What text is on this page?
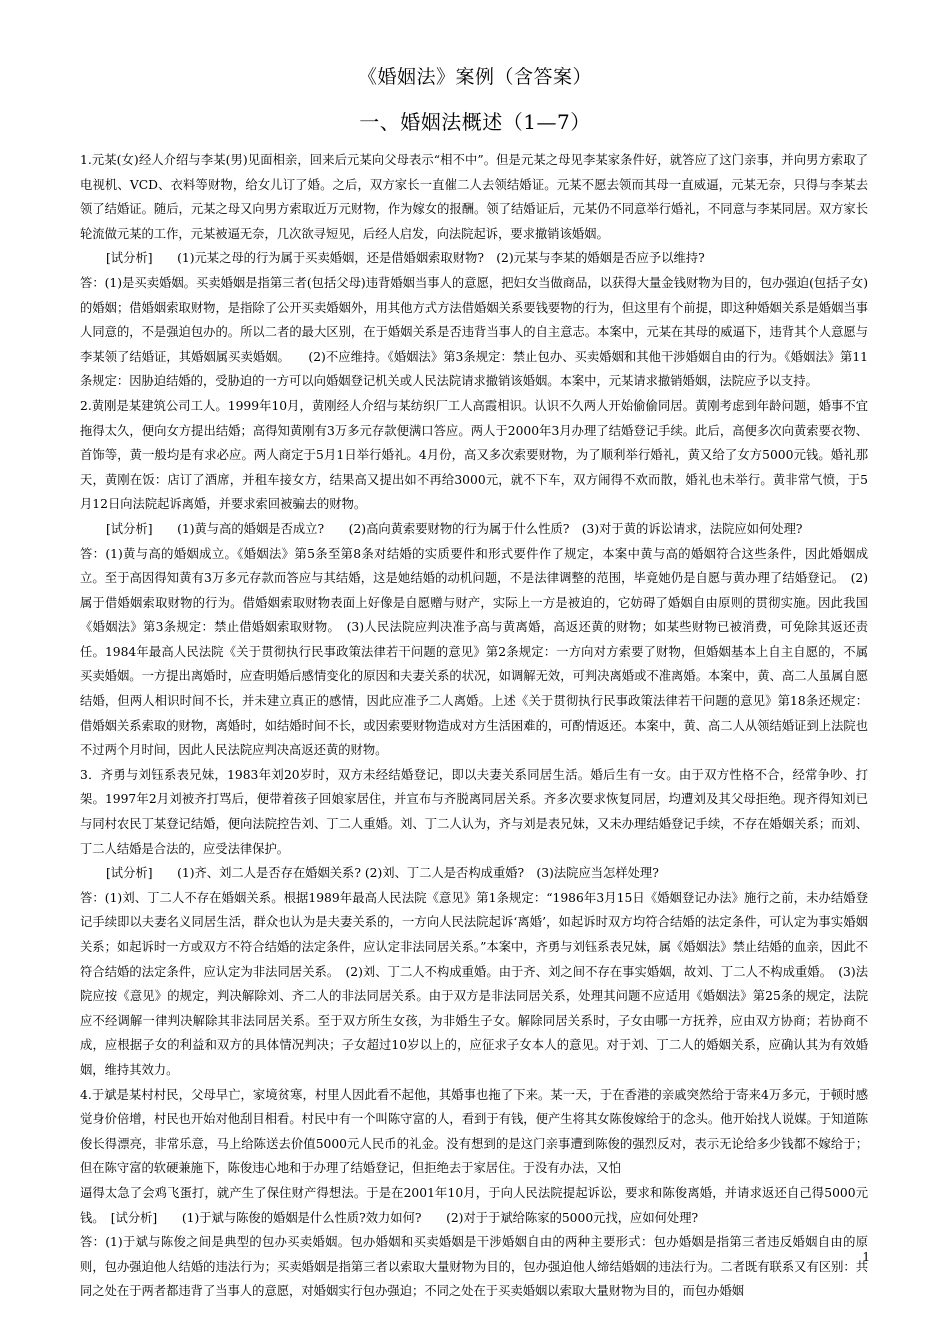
《婚姻法》案例（含答案）
一、婚姻法概述（1—7）

1.元某(女)经人介绍与李某(男)见面相亲，回来后元某向父母表示“相不中”。但是元某之母见李某家条件好，就答应了这门亲事，并向男方索取了电视机、VCD、衣料等财物，给女儿订了婚。之后，双方家长一直催二人去领结婚证。元某不愿去领而其母一直威逼，元某无奈，只得与李某去领了结婚证。随后，元某之母又向男方索取近万元财物，作为嫁女的报酬。领了结婚证后，元某仍不同意举行婚礼，不同意与李某同居。双方家长轮流做元某的工作，元某被逼无奈，几次欲寻短见，后经人启发，向法院起诉，要求撤销该婚姻。

[试分析]　　(1)元某之母的行为属于买卖婚姻，还是借婚姻索取财物?　(2)元某与李某的婚姻是否应予以维持?

答：(1)是买卖婚姻。买卖婚姻是指第三者(包括父母)违背婚姻当事人的意愿，把妇女当做商品，以获得大量金钱财物为目的，包办强迫(包括子女)的婚姻；借婚姻索取财物，是指除了公开买卖婚姻外，用其他方式方法借婚姻关系要钱要物的行为，但这里有个前提，即这种婚姻关系是婚姻当事人同意的，不是强迫包办的。所以二者的最大区别，在于婚姻关系是否违背当事人的自主意志。本案中，元某在其母的威逼下，违背其个人意愿与李某领了结婚证，其婚姻属买卖婚姻。　　(2)不应维持。《婚姻法》第3条规定：禁止包办、买卖婚姻和其他干涉婚姻自由的行为。《婚姻法》第11条规定：因胁迫结婚的，受胁迫的一方可以向婚姻登记机关或人民法院请求撤销该婚姻。本案中，元某请求撤销婚姻，法院应予以支持。

2.黄刚是某建筑公司工人。1999年10月，黄刚经人介绍与某纺织厂工人高霞相识。认识不久两人开始偷偷同居。黄刚考虑到年龄问题，婚事不宜拖得太久，便向女方提出结婚；高得知黄刚有3万多元存款便满口答应。两人于2000年3月办理了结婚登记手续。此后，高便多次向黄索要衣物、首饰等，黄一般均是有求必应。两人商定于5月1日举行婚礼。4月份，高又多次索要财物，为了顺利举行婚礼，黄又给了女方5000元钱。婚礼那天，黄刚在饭：店订了酒席，并租车接女方，结果高又提出如不再给3000元，就不下车，双方闹得不欢而散，婚礼也未举行。黄非常气愤，于5月12日向法院起诉离婚，并要求索回被骗去的财物。

[试分析]　　(1)黄与高的婚姻是否成立?　　(2)高向黄索要财物的行为属于什么性质?　(3)对于黄的诉讼请求，法院应如何处理?

答：(1)黄与高的婚姻成立。《婚姻法》第5条至第8条对结婚的实质要件和形式要件作了规定，本案中黄与高的婚姻符合这些条件，因此婚姻成立。至于高因得知黄有3万多元存款而答应与其结婚，这是她结婚的动机问题，不是法律调整的范围，毕竟她仍是自愿与黄办理了结婚登记。　(2)属于借婚姻索取财物的行为。借婚姻索取财物表面上好像是自愿赠与财产，实际上一方是被迫的，它妨碍了婚姻自由原则的贯彻实施。因此我国《婚姻法》第3条规定：禁止借婚姻索取财物。　(3)人民法院应判决准予高与黄离婚，高返还黄的财物；如某些财物已被消费，可免除其返还责任。1984年最高人民法院《关于贯彻执行民事政策法律若干问题的意见》第2条规定：一方向对方索要了财物，但婚姻基本上自主自愿的，不属买卖婚姻。一方提出离婚时，应查明婚后感情变化的原因和夫妻关系的状况，如调解无效，可判决离婚或不准离婚。本案中，黄、高二人虽属自愿结婚，但两人相识时间不长，并未建立真正的感情，因此应准予二人离婚。上述《关于贯彻执行民事政策法律若干问题的意见》第18条还规定：借婚姻关系索取的财物，离婚时，如结婚时间不长，或因索要财物造成对方生活困难的，可酌情返还。本案中，黄、高二人从领结婚证到上法院也不过两个月时间，因此人民法院应判决高返还黄的财物。

3．齐勇与刘钰系表兄妹，1983年刘20岁时，双方未经结婚登记，即以夫妻关系同居生活。婚后生有一女。由于双方性格不合，经常争吵、打架。1997年2月刘被齐打骂后，便带着孩子回娘家居住，并宣布与齐脱离同居关系。齐多次要求恢复同居，均遭刘及其父母拒绝。现齐得知刘已与同村农民丁某登记结婚，便向法院控告刘、丁二人重婚。刘、丁二人认为，齐与刘是表兄妹，又未办理结婚登记手续，不存在婚姻关系；而刘、丁二人结婚是合法的，应受法律保护。

[试分析]　　(1)齐、刘二人是否存在婚姻关系? (2)刘、丁二人是否构成重婚?　(3)法院应当怎样处理?

答：(1)刘、丁二人不存在婚姻关系。根据1989年最高人民法院《意见》第1条规定：“1986年3月15日《婚姻登记办法》施行之前，未办结婚登记手续即以夫妻名义同居生活，群众也认为是夫妻关系的，一方向人民法院起诉‘离婚’，如起诉时双方均符合结婚的法定条件，可认定为事实婚姻关系；如起诉时一方或双方不符合结婚的法定条件，应认定非法同居关系。”本案中，齐勇与刘钰系表兄妹，属《婚姻法》禁止结婚的血亲，因此不符合结婚的法定条件，应认定为非法同居关系。　(2)刘、丁二人不构成重婚。由于齐、刘之间不存在事实婚姻，故刘、丁二人不构成重婚。　(3)法院应按《意见》的规定，判决解除刘、齐二人的非法同居关系。由于双方是非法同居关系，处理其问题不应适用《婚姻法》第25条的规定，法院应不经调解一律判决解除其非法同居关系。至于双方所生女孩，为非婚生子女。解除同居关系时，子女由哪一方抚养，应由双方协商；若协商不成，应根据子女的利益和双方的具体情况判决；子女超过10岁以上的，应征求子女本人的意见。对于刘、丁二人的婚姻关系，应确认其为有效婚姻，维持其效力。

4.于斌是某村村民，父母早亡，家境贫寒，村里人因此看不起他，其婚事也拖了下来。某一天，于在香港的亲戚突然给于寄来4万多元，于顿时感觉身价倍增，村民也开始对他刮目相看。村民中有一个叫陈守富的人，看到于有钱，便产生将其女陈俊嫁给于的念头。他开始找人说媒。于知道陈俊长得漂亮，非常乐意，马上给陈送去价值5000元人民币的礼金。没有想到的是这门亲事遭到陈俊的强烈反对，表示无论给多少钱都不嫁给于；但在陈守富的软硬兼施下，陈俊违心地和于办理了结婚登记，但拒绝去于家居住。于没有办法，又怕

逼得太急了会鸡飞蛋打，就产生了保住财产得想法。于是在2001年10月，于向人民法院提起诉讼，要求和陈俊离婚，并请求返还自己得5000元钱。　[试分析]　　(1)于斌与陈俊的婚姻是什么性质?效力如何?　　(2)对于于斌给陈家的5000元找，应如何处理?

答：(1)于斌与陈俊之间是典型的包办买卖婚姻。包办婚姻和买卖婚姻是干涉婚姻自由的两种主要形式：包办婚姻是指第三者违反婚姻自由的原则，包办强迫他人结婚的违法行为；买卖婚姻是指第三者以索取大量财物为目的，包办强迫他人缔结婚姻的违法行为。二者既有联系又有区别：共同之处在于两者都违背了当事人的意愿，对婚姻实行包办强迫；不同之处在于买卖婚姻以索取大量财物为目的，而包办婚姻

1
